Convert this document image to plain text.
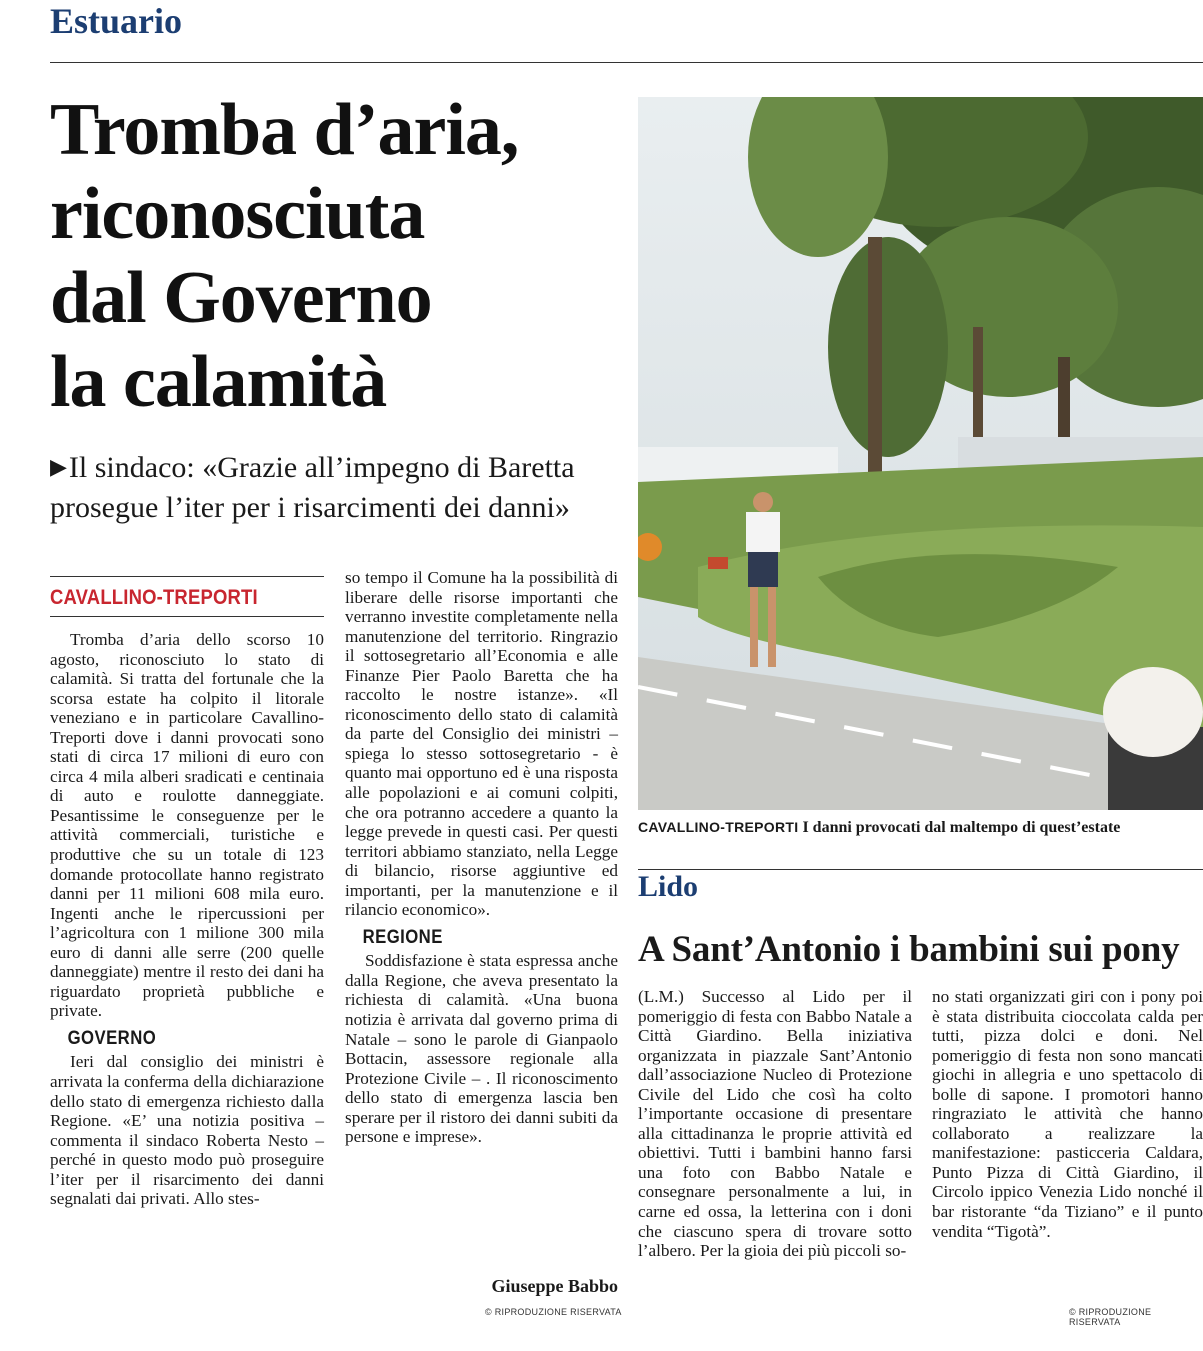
Estuario
Tromba d’aria,
riconosciuta
dal Governo
la calamità
▶Il sindaco: «Grazie all’impegno di Baretta
prosegue l’iter per i risarcimenti dei danni»
CAVALLINO-TREPORTI

Tromba d’aria dello scorso 10 agosto, riconosciuto lo stato di calamità. Si tratta del fortunale che la scorsa estate ha colpito il litorale veneziano e in particolare Cavallino-Treporti dove i danni provocati sono stati di circa 17 milioni di euro con circa 4 mila alberi sradicati e centinaia di auto e roulotte danneggiate. Pesantissime le conseguenze per le attività commerciali, turistiche e produttive che su un totale di 123 domande protocollate hanno registrato danni per 11 milioni 608 mila euro. Ingenti anche le ripercussioni per l’agricoltura con 1 milione 300 mila euro di danni alle serre (200 quelle danneggiate) mentre il resto dei dani ha riguardato proprietà pubbliche e private.

GOVERNO

Ieri dal consiglio dei ministri è arrivata la conferma della dichiarazione dello stato di emergenza richiesto dalla Regione. «E’ una notizia positiva – commenta il sindaco Roberta Nesto – perché in questo modo può proseguire l’iter per il risarcimento dei danni segnalati dai privati. Allo stes-

so tempo il Comune ha la possibilità di liberare delle risorse importanti che verranno investite completamente nella manutenzione del territorio. Ringrazio il sottosegretario all’Economia e alle Finanze Pier Paolo Baretta che ha raccolto le nostre istanze». «Il riconoscimento dello stato di calamità da parte del Consiglio dei ministri – spiega lo stesso sottosegretario - è quanto mai opportuno ed è una risposta alle popolazioni e ai comuni colpiti, che ora potranno accedere a quanto la legge prevede in questi casi. Per questi territori abbiamo stanziato, nella Legge di bilancio, risorse aggiuntive ed importanti, per la manutenzione e il rilancio economico».

REGIONE

Soddisfazione è stata espressa anche dalla Regione, che aveva presentato la richiesta di calamità. «Una buona notizia è arrivata dal governo prima di Natale – sono le parole di Gianpaolo Bottacin, assessore regionale alla Protezione Civile – . Il riconoscimento dello stato di emergenza lascia ben sperare per il ristoro dei danni subiti da persone e imprese».

Giuseppe Babbo
© RIPRODUZIONE RISERVATA
CAVALLINO-TREPORTI I danni provocati dal maltempo di quest’estate
Lido
A Sant’Antonio i bambini sui pony

(L.M.) Successo al Lido per il pomeriggio di festa con Babbo Natale a Città Giardino. Bella iniziativa organizzata in piazzale Sant’Antonio dall’associazione Nucleo di Protezione Civile del Lido che così ha colto l’importante occasione di presentare alla cittadinanza le proprie attività ed obiettivi. Tutti i bambini hanno farsi una foto con Babbo Natale e consegnare personalmente a lui, in carne ed ossa, la letterina con i doni che ciascuno spera di trovare sotto l’albero. Per la gioia dei più piccoli so-

no stati organizzati giri con i pony poi è stata distribuita cioccolata calda per tutti, pizza dolci e doni. Nel pomeriggio di festa non sono mancati giochi in allegria e uno spettacolo di bolle di sapone. I promotori hanno ringraziato le attività che hanno collaborato a realizzare la manifestazione: pasticceria Caldara, Punto Pizza di Città Giardino, il Circolo ippico Venezia Lido nonché il bar ristorante “da Tiziano” e il punto vendita “Tigotà”.

© RIPRODUZIONE RISERVATA
